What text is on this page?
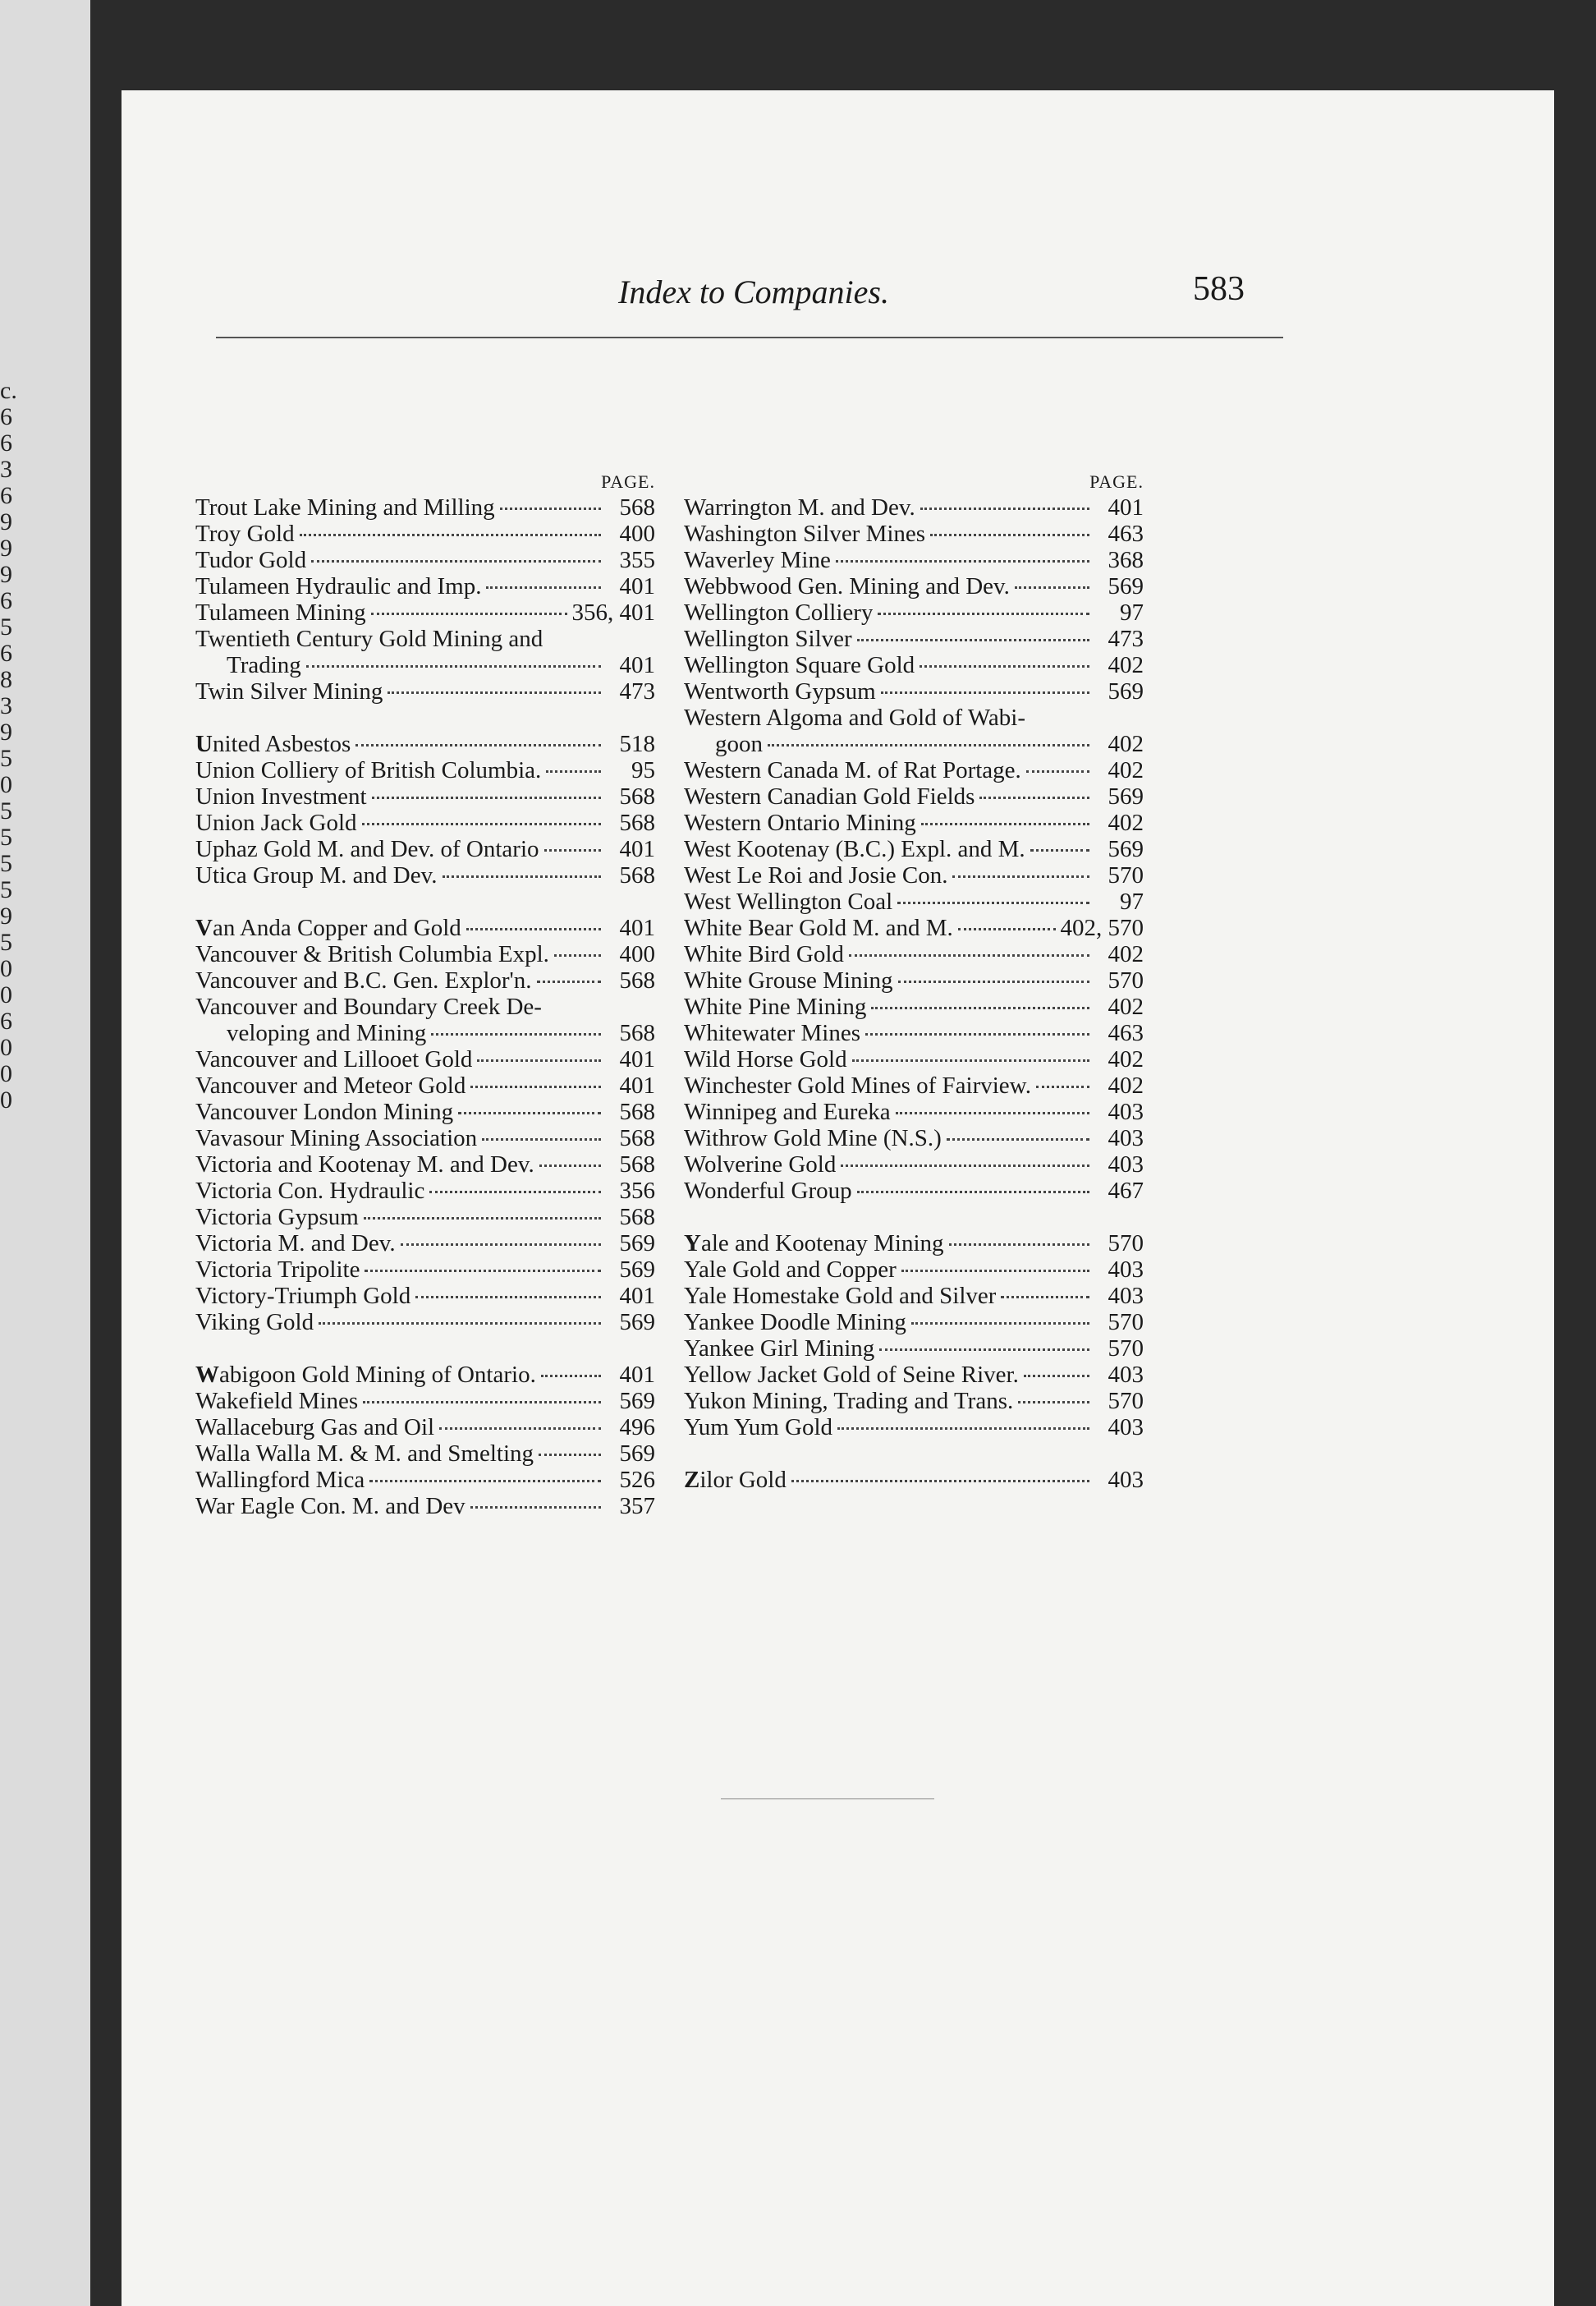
c.
6
6
3
6
9
9
9
6
5
6
8
3
9
5
0
5
5
5
5
9
5
0
0
6
0
0
0
Index to Companies.	583
PAGE.
Trout Lake Mining and Milling	568
Troy Gold	400
Tudor Gold	355
Tulameen Hydraulic and Imp.	401
Tulameen Mining	356, 401
Twentieth Century Gold Mining and
Trading	401
Twin Silver Mining	473
United Asbestos	518
Union Colliery of British Columbia.	95
Union Investment	568
Union Jack Gold	568
Uphaz Gold M. and Dev. of Ontario	401
Utica Group M. and Dev.	568
Van Anda Copper and Gold	401
Vancouver & British Columbia Expl.	400
Vancouver and B.C. Gen. Explor'n.	568
Vancouver and Boundary Creek De-
veloping and Mining	568
Vancouver and Lillooet Gold	401
Vancouver and Meteor Gold	401
Vancouver London Mining	568
Vavasour Mining Association	568
Victoria and Kootenay M. and Dev.	568
Victoria Con. Hydraulic	356
Victoria Gypsum	568
Victoria M. and Dev.	569
Victoria Tripolite	569
Victory-Triumph Gold	401
Viking Gold	569
Wabigoon Gold Mining of Ontario.	401
Wakefield Mines	569
Wallaceburg Gas and Oil	496
Walla Walla M. & M. and Smelting	569
Wallingford Mica	526
War Eagle Con. M. and Dev	357
PAGE.
Warrington M. and Dev.	401
Washington Silver Mines	463
Waverley Mine	368
Webbwood Gen. Mining and Dev.	569
Wellington Colliery	97
Wellington Silver	473
Wellington Square Gold	402
Wentworth Gypsum	569
Western Algoma and Gold of Wabi-
goon	402
Western Canada M. of Rat Portage.	402
Western Canadian Gold Fields	569
Western Ontario Mining	402
West Kootenay (B.C.) Expl. and M.	569
West Le Roi and Josie Con.	570
West Wellington Coal	97
White Bear Gold M. and M.	402, 570
White Bird Gold	402
White Grouse Mining	570
White Pine Mining	402
Whitewater Mines	463
Wild Horse Gold	402
Winchester Gold Mines of Fairview.	402
Winnipeg and Eureka	403
Withrow Gold Mine (N.S.)	403
Wolverine Gold	403
Wonderful Group	467
Yale and Kootenay Mining	570
Yale Gold and Copper	403
Yale Homestake Gold and Silver	403
Yankee Doodle Mining	570
Yankee Girl Mining	570
Yellow Jacket Gold of Seine River.	403
Yukon Mining, Trading and Trans.	570
Yum Yum Gold	403
Zilor Gold	403
